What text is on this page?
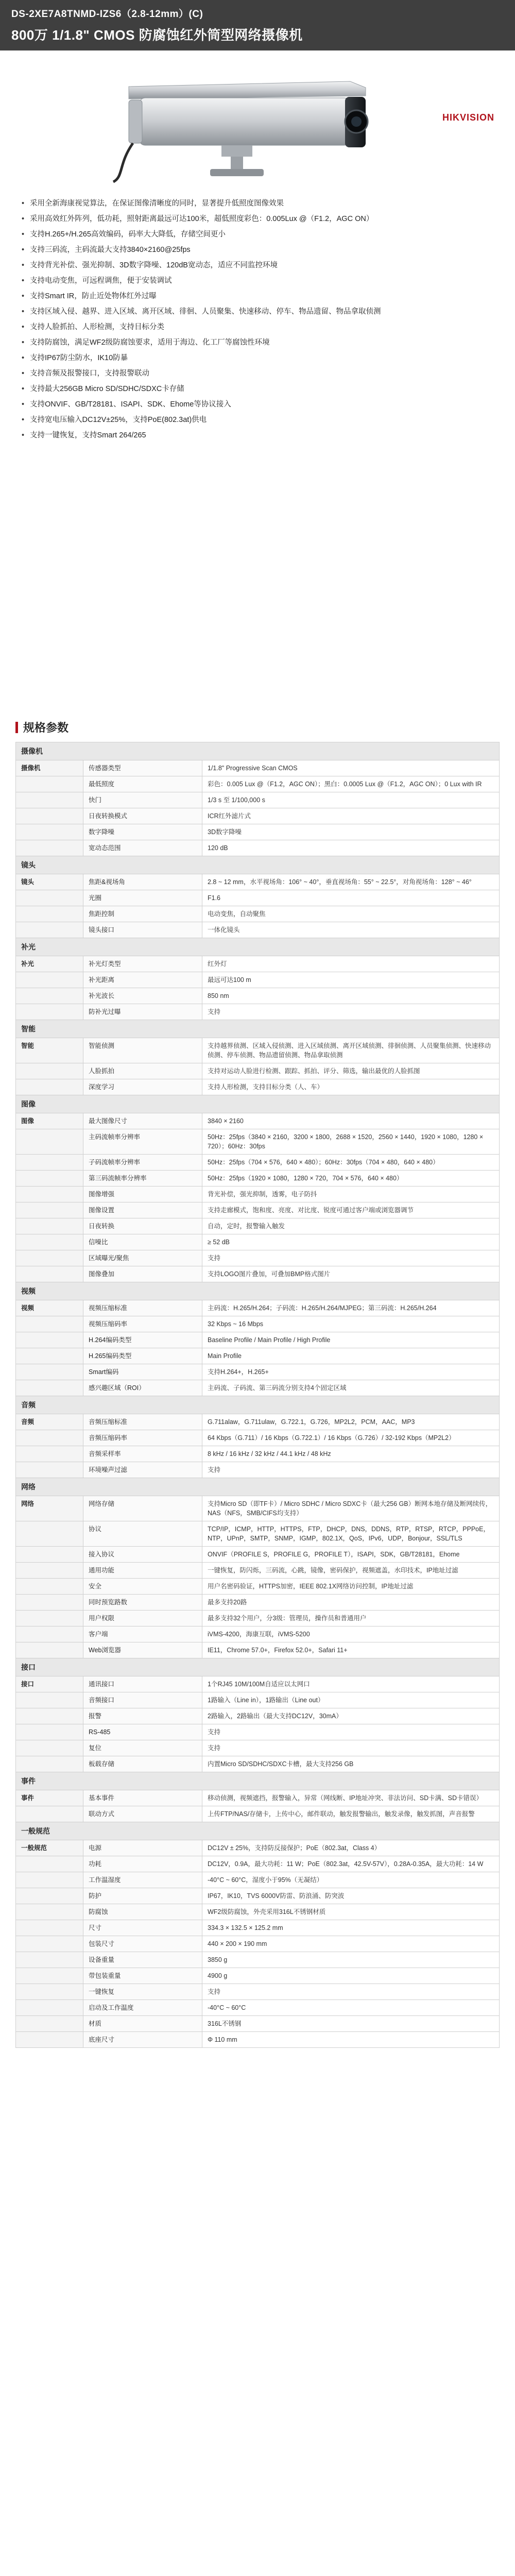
DS-2XE7A8TNMD-IZS6（2.8-12mm）(C)
800万 1/1.8" CMOS 防腐蚀红外筒型网络摄像机
HIKVISION
• 采用全新海康视觉算法，在保证图像清晰度的同时，显著提升低照度图像效果
• 采用高效红外阵列，低功耗，照射距离最远可达100米，超低照度彩色：0.005Lux @（F1.2，AGC ON）
• 支持H.265+/H.265高效编码，码率大大降低，存储空间更小
• 支持三码流，主码流最大支持3840×2160@25fps
• 支持背光补偿、强光抑制、3D数字降噪、120dB宽动态，适应不同监控环境
• 支持电动变焦，可远程调焦，便于安装调试
• 支持Smart IR，防止近处物体红外过曝
• 支持区域入侵、越界、进入区域、离开区域、徘徊、人员聚集、快速移动、停车、物品遗留、物品拿取侦测
• 支持人脸抓拍、人形检测，支持目标分类
• 支持防腐蚀，满足WF2级防腐蚀要求，适用于海边、化工厂等腐蚀性环境
• 支持IP67防尘防水，IK10防暴
• 支持音频及报警接口，支持报警联动
• 支持最大256GB Micro SD/SDHC/SDXC卡存储
• 支持ONVIF、GB/T28181、ISAPI、SDK、Ehome等协议接入
• 支持宽电压输入DC12V±25%，支持PoE(802.3at)供电
• 支持一键恢复，支持Smart 264/265
规格参数
摄像机		
摄像机	传感器类型	1/1.8" Progressive Scan CMOS
	最低照度	彩色：0.005 Lux @（F1.2，AGC ON）；黑白：0.0005 Lux @（F1.2，AGC ON）；0 Lux with IR
	快门	1/3 s 至 1/100,000 s
	日夜转换模式	ICR红外滤片式
	数字降噪	3D数字降噪
	宽动态范围	120 dB
镜头		
镜头	焦距&视场角	2.8 ~ 12 mm，水平视场角：106° ~ 40°，垂直视场角：55° ~ 22.5°，对角视场角：128° ~ 46°
	光圈	F1.6
	焦距控制	电动变焦，自动聚焦
	镜头接口	一体化镜头
补光		
补光	补光灯类型	红外灯
	补光距离	最远可达100 m
	补光波长	850 nm
	防补光过曝	支持
智能		
智能	智能侦测	支持越界侦测、区域入侵侦测、进入区域侦测、离开区域侦测、徘徊侦测、人员聚集侦测、快速移动侦测、停车侦测、物品遗留侦测、物品拿取侦测
	人脸抓拍	支持对运动人脸进行检测、跟踪、抓拍、评分、筛选，输出最优的人脸抓图
	深度学习	支持人形检测，支持目标分类（人、车）
图像		
图像	最大图像尺寸	3840 × 2160
	主码流帧率分辨率	50Hz：25fps（3840 × 2160，3200 × 1800，2688 × 1520，2560 × 1440，1920 × 1080，1280 × 720）；60Hz：30fps
	子码流帧率分辨率	50Hz：25fps（704 × 576，640 × 480）；60Hz：30fps（704 × 480，640 × 480）
	第三码流帧率分辨率	50Hz：25fps（1920 × 1080，1280 × 720，704 × 576，640 × 480）
	图像增强	背光补偿，强光抑制，透雾，电子防抖
	图像设置	支持走廊模式，饱和度、亮度、对比度、锐度可通过客户端或浏览器调节
	日夜转换	自动，定时，报警输入触发
	信噪比	≥ 52 dB
	区域曝光/聚焦	支持
	图像叠加	支持LOGO图片叠加，可叠加BMP格式图片
视频		
视频	视频压缩标准	主码流：H.265/H.264；子码流：H.265/H.264/MJPEG；第三码流：H.265/H.264
	视频压缩码率	32 Kbps ~ 16 Mbps
	H.264编码类型	Baseline Profile / Main Profile / High Profile
	H.265编码类型	Main Profile
	Smart编码	支持H.264+，H.265+
	感兴趣区域（ROI）	主码流、子码流、第三码流分别支持4个固定区域
音频		
音频	音频压缩标准	G.711alaw，G.711ulaw，G.722.1，G.726，MP2L2，PCM，AAC，MP3
	音频压缩码率	64 Kbps（G.711）/ 16 Kbps（G.722.1）/ 16 Kbps（G.726）/ 32-192 Kbps（MP2L2）
	音频采样率	8 kHz / 16 kHz / 32 kHz / 44.1 kHz / 48 kHz
	环境噪声过滤	支持
网络		
网络	网络存储	支持Micro SD（即TF卡）/ Micro SDHC / Micro SDXC卡（最大256 GB）断网本地存储及断网续传，NAS（NFS，SMB/CIFS均支持）
	协议	TCP/IP，ICMP，HTTP，HTTPS，FTP，DHCP，DNS，DDNS，RTP，RTSP，RTCP，PPPoE，NTP，UPnP，SMTP，SNMP，IGMP，802.1X，QoS，IPv6，UDP，Bonjour，SSL/TLS
	接入协议	ONVIF（PROFILE S，PROFILE G，PROFILE T），ISAPI，SDK，GB/T28181，Ehome
	通用功能	一键恢复，防闪烁，三码流，心跳，镜像，密码保护，视频遮盖，水印技术，IP地址过滤
	安全	用户名密码验证，HTTPS加密，IEEE 802.1X网络访问控制，IP地址过滤
	同时预览路数	最多支持20路
	用户权限	最多支持32个用户，分3级：管理员，操作员和普通用户
	客户端	iVMS-4200，海康互联，iVMS-5200
	Web浏览器	IE11，Chrome 57.0+，Firefox 52.0+，Safari 11+
接口		
接口	通讯接口	1个RJ45 10M/100M自适应以太网口
	音频接口	1路输入（Line in），1路输出（Line out）
	报警	2路输入，2路输出（最大支持DC12V，30mA）
	RS-485	支持
	复位	支持
	板载存储	内置Micro SD/SDHC/SDXC卡槽，最大支持256 GB
事件		
事件	基本事件	移动侦测，视频遮挡，报警输入，异常（网线断、IP地址冲突、非法访问、SD卡满、SD卡错误）
	联动方式	上传FTP/NAS/存储卡，上传中心，邮件联动，触发报警输出，触发录像，触发抓图，声音报警
一般规范		
一般规范	电源	DC12V ± 25%，支持防反接保护；PoE（802.3at，Class 4）
	功耗	DC12V，0.9A，最大功耗：11 W；PoE（802.3at，42.5V-57V），0.28A-0.35A，最大功耗：14 W
	工作温湿度	-40°C ~ 60°C，湿度小于95%（无凝结）
	防护	IP67，IK10，TVS 6000V防雷、防浪涌、防突波
	防腐蚀	WF2级防腐蚀，外壳采用316L不锈钢材质
	尺寸	334.3 × 132.5 × 125.2 mm
	包装尺寸	440 × 200 × 190 mm
	设备重量	3850 g
	带包装重量	4900 g
	一键恢复	支持
	启动及工作温度	-40°C ~ 60°C
	材质	316L不锈钢
	底座尺寸	Φ 110 mm
